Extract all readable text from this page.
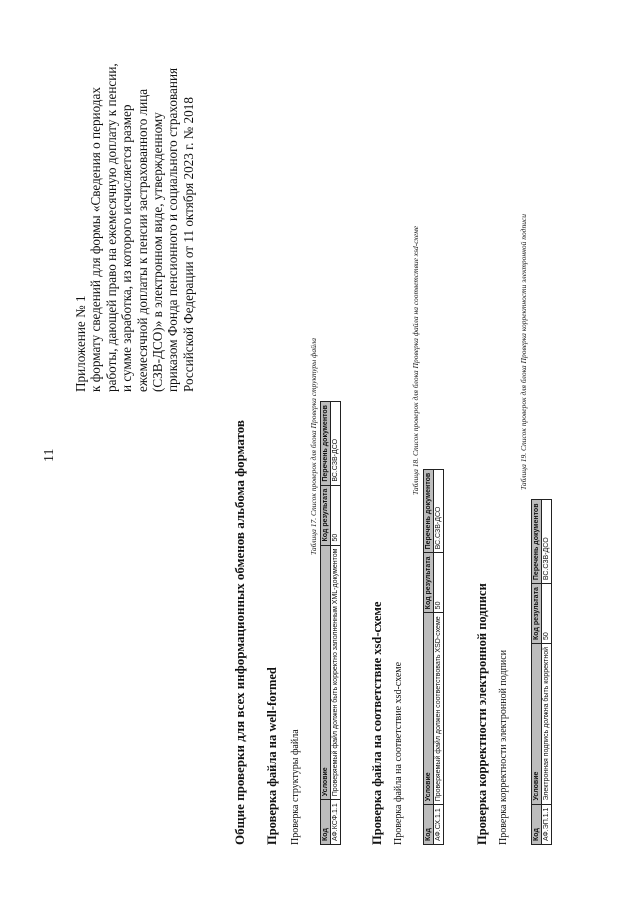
11
Приложение № 1 к формату сведений для формы «Сведения о периодах работы, дающей право на ежемесячную доплату к пенсии, и сумме заработка, из которого исчисляется размер ежемесячной доплаты к пенсии застрахованного лица (СЗВ-ДСО)» в электронном виде, утвержденному приказом Фонда пенсионного и социального страхования Российской Федерации от 11 октября 2023 г. № 2018
Общие проверки для всех информационных обменов альбома форматов Проверка файла на well-formed Проверка структуры файла
Таблица 17. Список проверок для блока Проверка структуры файла
Код	Условие	Код результата	Перечень документов
АФ.КСФ.1.1	Проверяемый файл должен быть корректно заполненным XML-документом	50	ВС.СЗВ-ДСО
Проверка файла на соответствие xsd-схеме Проверка файла на соответствие xsd-схеме
Таблица 18. Список проверок для блока Проверка файла на соответствие xsd-схеме
Код	Условие	Код результата	Перечень документов
АФ.СХ.1.1	Проверяемый файл должен соответствовать XSD-схеме	50	ВС.СЗВ-ДСО
Проверка корректности электронной подписи Проверка корректности электронной подписи
Таблица 19. Список проверок для блока Проверка корректности электронной подписи
Код	Условие	Код результата	Перечень документов
АФ.ЭП.1.1	Электронная подпись должна быть корректной	50	ВС.СЗВ-ДСО
